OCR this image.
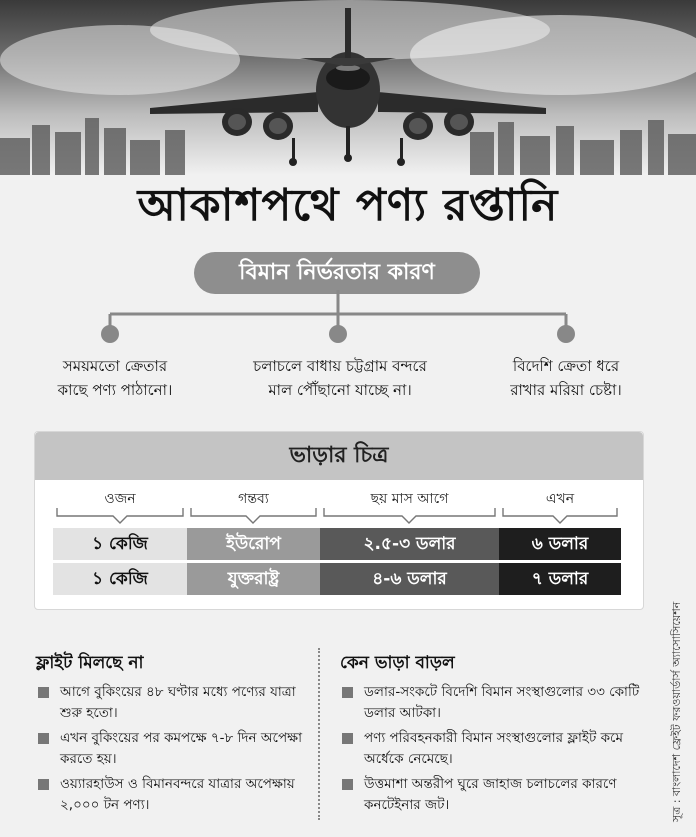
আকাশপথে পণ্য রপ্তানি
বিমান নির্ভরতার কারণ
সময়মতো ক্রেতার
কাছে পণ্য পাঠানো।
চলাচলে বাধায় চট্টগ্রাম বন্দরে
মাল পৌঁছানো যাচ্ছে না।
বিদেশি ক্রেতা ধরে
রাখার মরিয়া চেষ্টা।
ভাড়ার চিত্র
ওজন	গন্তব্য	ছয় মাস আগে	এখন
১ কেজি	ইউরোপ	২.৫-৩ ডলার	৬ ডলার
১ কেজি	যুক্তরাষ্ট্র	৪-৬ ডলার	৭ ডলার
ফ্লাইট মিলছে না
আগে বুকিংয়ের ৪৮ ঘণ্টার মধ্যে পণ্যের যাত্রা শুরু হতো।
এখন বুকিংয়ের পর কমপক্ষে ৭-৮ দিন অপেক্ষা করতে হয়।
ওয়্যারহাউস ও বিমানবন্দরে যাত্রার অপেক্ষায় ২,০০০ টন পণ্য।
কেন ভাড়া বাড়ল
ডলার-সংকটে বিদেশি বিমান সংস্থাগুলোর ৩৩ কোটি ডলার আটকা।
পণ্য পরিবহনকারী বিমান সংস্থাগুলোর ফ্লাইট কমে অর্ধেকে নেমেছে।
উত্তমাশা অন্তরীপ ঘুরে জাহাজ চলাচলের কারণে কনটেইনার জট।	সূত্র : বাংলাদেশ ফ্রেইট ফরওয়ার্ডার্স অ্যাসোসিয়েশন
